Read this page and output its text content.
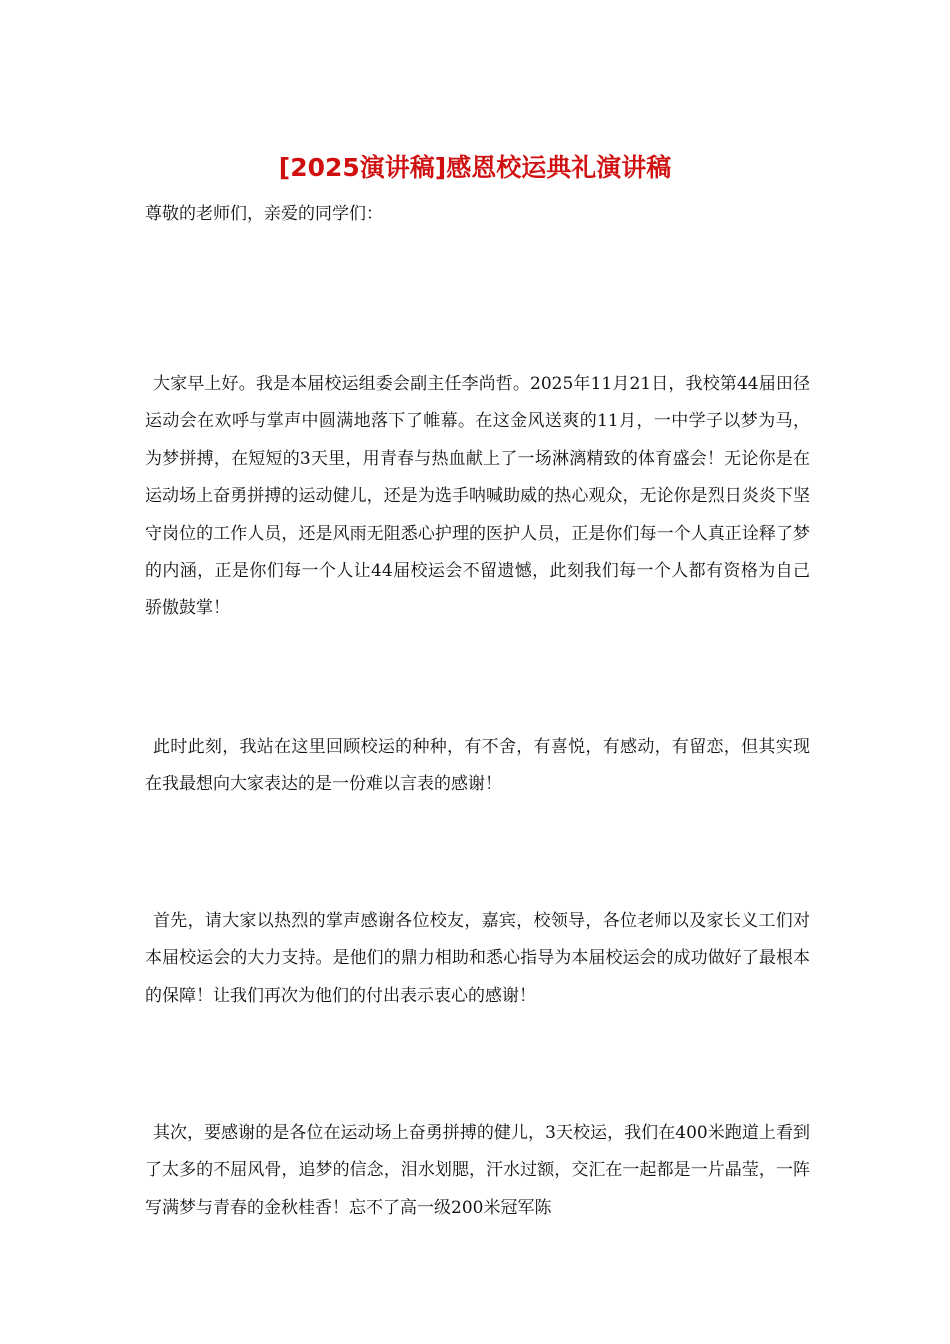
[2025演讲稿]感恩校运典礼演讲稿

尊敬的老师们，亲爱的同学们：

大家早上好。我是本届校运组委会副主任李尚哲。2025年11月21日，我校第44届田径运动会在欢呼与掌声中圆满地落下了帷幕。在这金风送爽的11月，一中学子以梦为马，为梦拼搏，在短短的3天里，用青春与热血献上了一场淋漓精致的体育盛会！无论你是在运动场上奋勇拼搏的运动健儿，还是为选手呐喊助威的热心观众，无论你是烈日炎炎下坚守岗位的工作人员，还是风雨无阻悉心护理的医护人员，正是你们每一个人真正诠释了梦的内涵，正是你们每一个人让44届校运会不留遗憾，此刻我们每一个人都有资格为自己骄傲鼓掌！

此时此刻，我站在这里回顾校运的种种，有不舍，有喜悦，有感动，有留恋，但其实现在我最想向大家表达的是一份难以言表的感谢！

首先，请大家以热烈的掌声感谢各位校友，嘉宾，校领导，各位老师以及家长义工们对本届校运会的大力支持。是他们的鼎力相助和悉心指导为本届校运会的成功做好了最根本的保障！让我们再次为他们的付出表示衷心的感谢！

其次，要感谢的是各位在运动场上奋勇拼搏的健儿，3天校运，我们在400米跑道上看到了太多的不屈风骨，追梦的信念，泪水划腮，汗水过额，交汇在一起都是一片晶莹，一阵写满梦与青春的金秋桂香！忘不了高一级200米冠军陈
